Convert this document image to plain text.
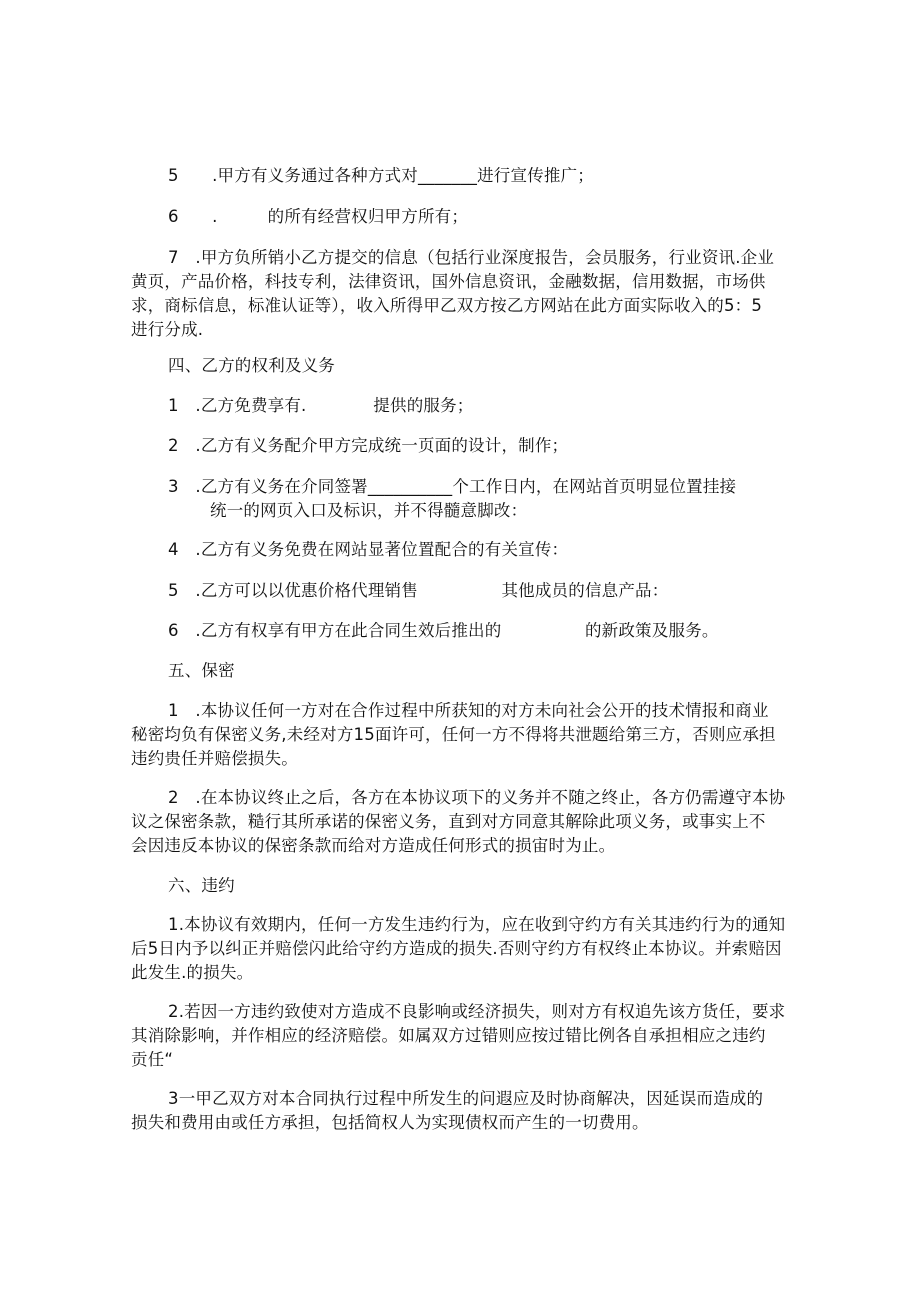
5　　.甲方有义务通过各种方式对_______进行宣传推广；
6　　.　　　的所有经营权归甲方所有；
7　.甲方负所销小乙方提交的信息（包括行业深度报告，会员服务，行业资讯.企业
黄页，产品价格，科技专利，法律资讯，国外信息资讯，金融数据，信用数据，市场供
求，商标信息，标准认证等），收入所得甲乙双方按乙方网站在此方面实际收入的5：5
进行分成.
四、乙方的权利及义务
1　.乙方免费享有.　　　　提供的服务；
2　.乙方有义务配介甲方完成统一页面的设计，制作；
3　.乙方有义务在介同签署__________个工作日内，在网站首页明显位置挂接
统一的网页入口及标识，并不得髓意脚改：
4　.乙方有义务免费在网站显著位置配合的有关宣传：
5　.乙方可以以优惠价格代理销售　　　　　其他成员的信息产品：
6　.乙方有权享有甲方在此合同生效后推出的　　　　　的新政策及服务。
五、保密
1　.本协议任何一方对在合作过程中所获知的对方未向社会公开的技术情报和商业
秘密均负有保密义务,未经对方15面许可，任何一方不得将共泄题给第三方，否则应承担
违约贵任并赔偿损失。
2　.在本协议终止之后，各方在本协议项下的义务并不随之终止，各方仍需遵守本协
议之保密条款，糙行其所承诺的保密义务，直到对方同意其解除此项义务，或事实上不
会因违反本协议的保密条款而给对方造成任何形式的损宙时为止。
六、违约
1.本协议有效期内，任何一方发生违约行为，应在收到守约方有关其违约行为的通知
后5日内予以纠正并赔偿闪此给守约方造成的损失.否则守约方有权终止本协议。并索赔因
此发生.的损失。
2.若因一方违约致使对方造成不良影响或经济损失，则对方有权追先该方货任，要求
其消除影响，并作相应的经济赔偿。如属双方过错则应按过错比例各自承担相应之违约
贡任“
3一甲乙双方对本合同执行过程中所发生的问遐应及时协商解决，因延误而造成的
损失和费用由或任方承担，包括简权人为实现债权而产生的一切费用。
